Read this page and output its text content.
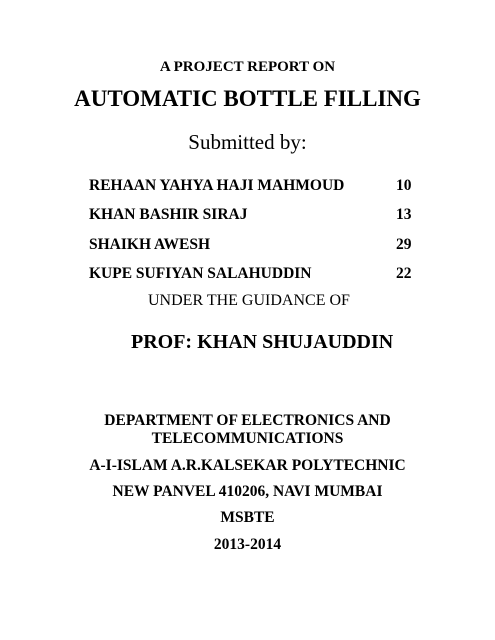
A PROJECT REPORT ON
AUTOMATIC BOTTLE FILLING
Submitted by:
REHAAN YAHYA HAJI MAHMOUD	10
KHAN BASHIR SIRAJ	13
SHAIKH AWESH	29
KUPE SUFIYAN SALAHUDDIN	22
UNDER THE GUIDANCE OF
PROF: KHAN SHUJAUDDIN
DEPARTMENT OF ELECTRONICS AND
TELECOMMUNICATIONS
A-I-ISLAM A.R.KALSEKAR POLYTECHNIC
NEW PANVEL 410206, NAVI MUMBAI
MSBTE
2013-2014
